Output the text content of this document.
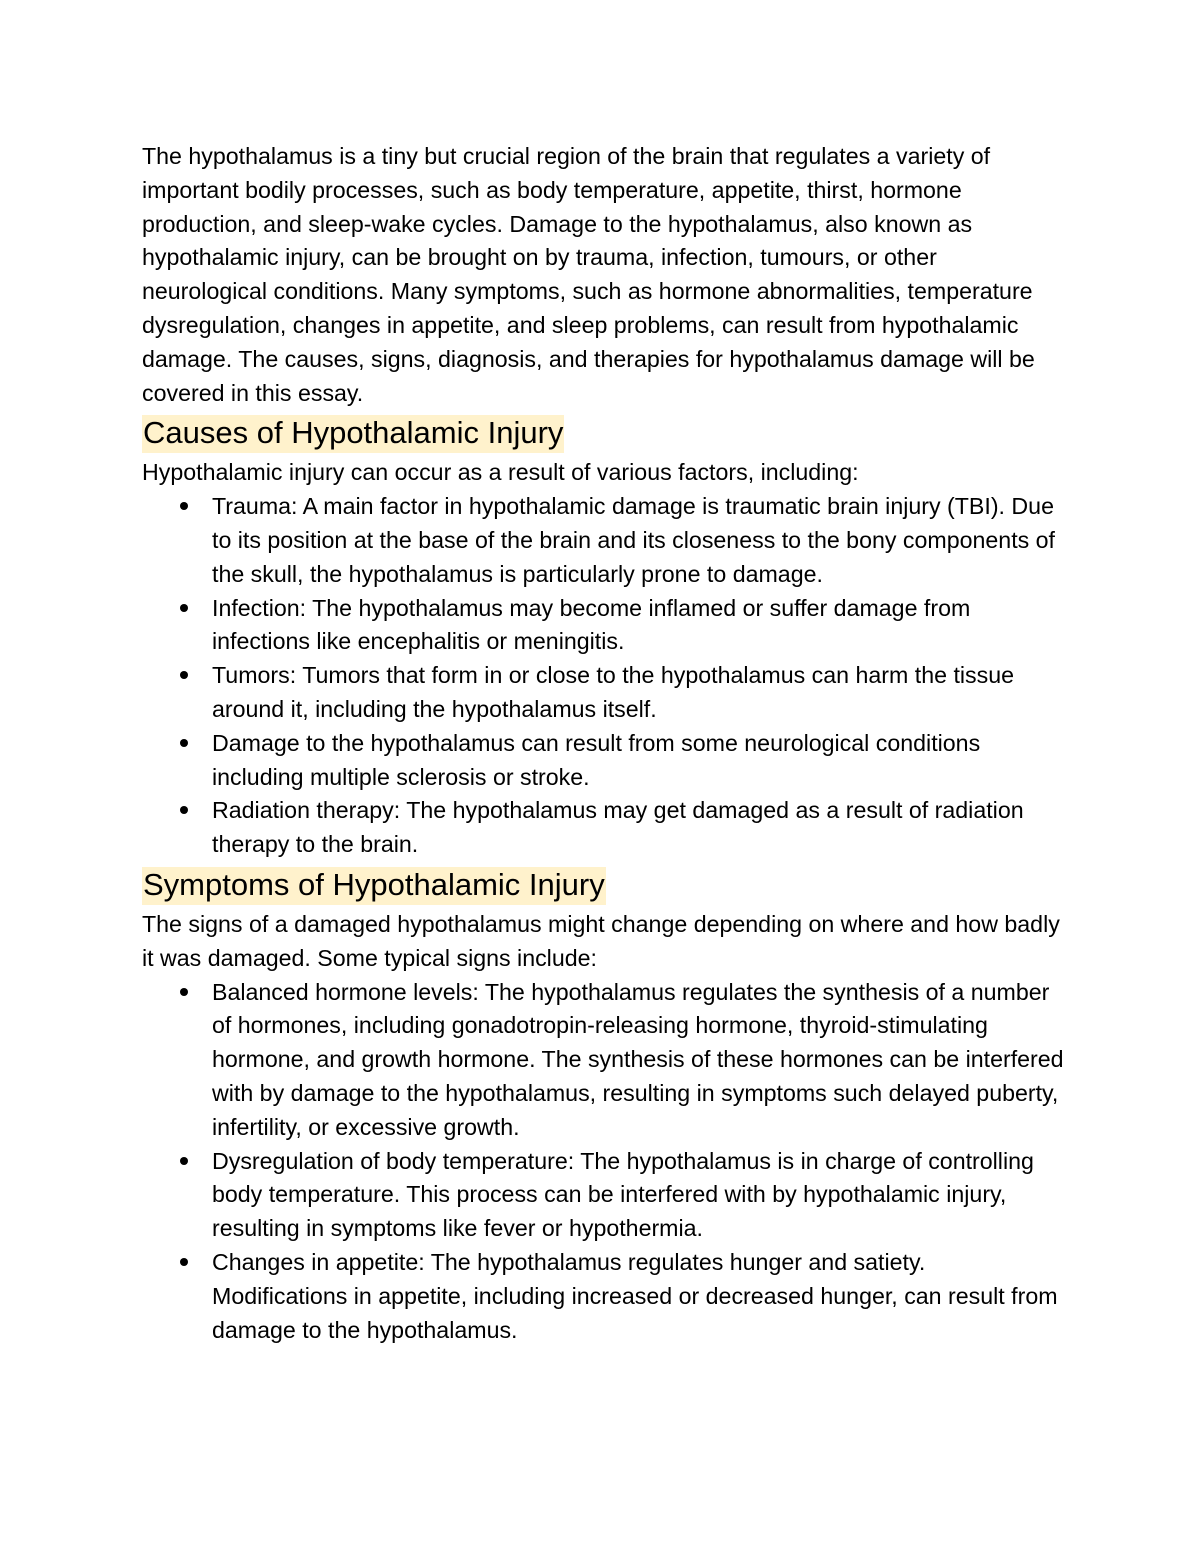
The hypothalamus is a tiny but crucial region of the brain that regulates a variety of important bodily processes, such as body temperature, appetite, thirst, hormone production, and sleep-wake cycles. Damage to the hypothalamus, also known as hypothalamic injury, can be brought on by trauma, infection, tumours, or other neurological conditions. Many symptoms, such as hormone abnormalities, temperature dysregulation, changes in appetite, and sleep problems, can result from hypothalamic damage. The causes, signs, diagnosis, and therapies for hypothalamus damage will be covered in this essay.

Causes of Hypothalamic Injury

Hypothalamic injury can occur as a result of various factors, including:

Trauma: A main factor in hypothalamic damage is traumatic brain injury (TBI). Due to its position at the base of the brain and its closeness to the bony components of the skull, the hypothalamus is particularly prone to damage.
Infection: The hypothalamus may become inflamed or suffer damage from infections like encephalitis or meningitis.
Tumors: Tumors that form in or close to the hypothalamus can harm the tissue around it, including the hypothalamus itself.
Damage to the hypothalamus can result from some neurological conditions including multiple sclerosis or stroke.
Radiation therapy: The hypothalamus may get damaged as a result of radiation therapy to the brain.
Symptoms of Hypothalamic Injury

The signs of a damaged hypothalamus might change depending on where and how badly it was damaged. Some typical signs include:

Balanced hormone levels: The hypothalamus regulates the synthesis of a number of hormones, including gonadotropin-releasing hormone, thyroid-stimulating hormone, and growth hormone. The synthesis of these hormones can be interfered with by damage to the hypothalamus, resulting in symptoms such delayed puberty, infertility, or excessive growth.
Dysregulation of body temperature: The hypothalamus is in charge of controlling body temperature. This process can be interfered with by hypothalamic injury, resulting in symptoms like fever or hypothermia.
Changes in appetite: The hypothalamus regulates hunger and satiety. Modifications in appetite, including increased or decreased hunger, can result from damage to the hypothalamus.
